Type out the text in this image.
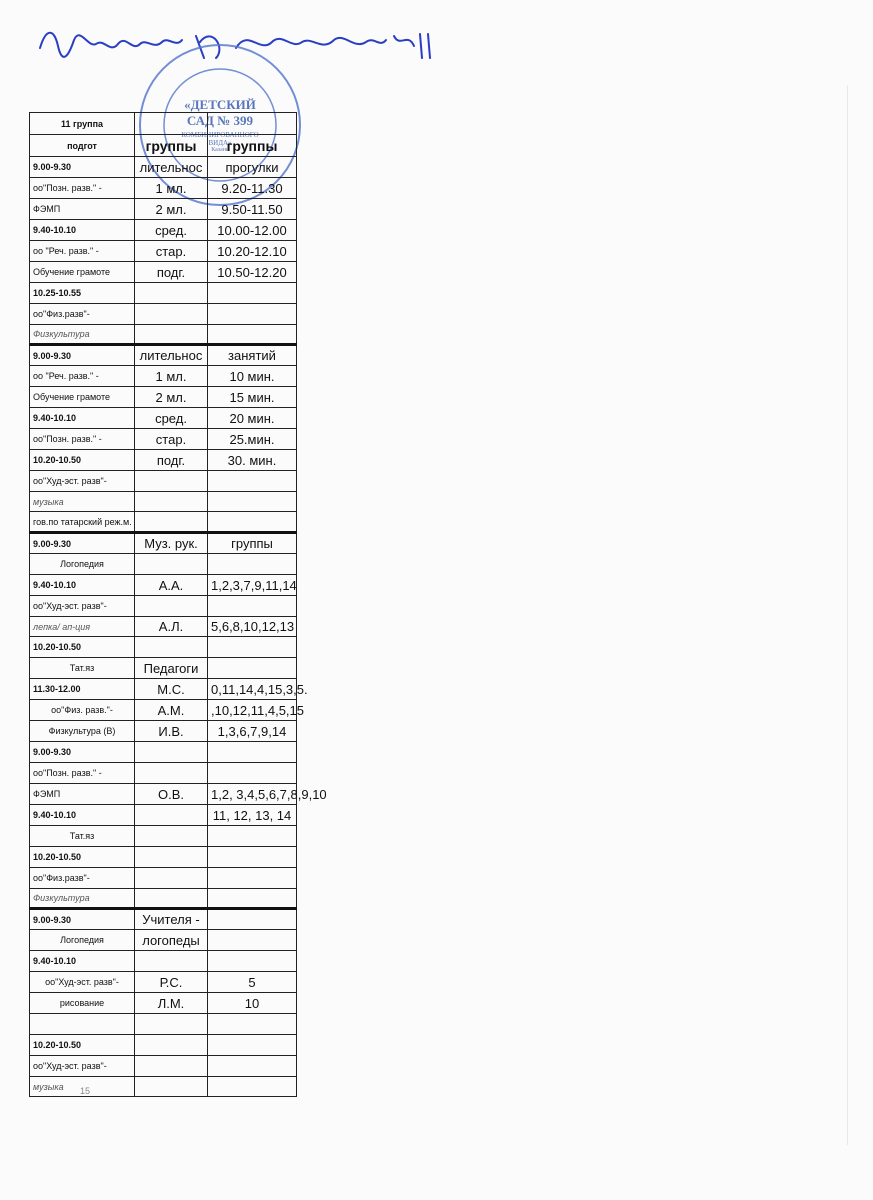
«ДЕТСКИЙ
САД № 399
КОМБИНИРОВАННОГО
ВИДА»
Казань
11 группа		
подгот	группы	группы
9.00-9.30	лительнос	прогулки
оо"Позн. разв." -	1 мл.	9.20-11.30
ФЭМП	2 мл.	9.50-11.50
9.40-10.10	сред.	10.00-12.00
оо "Реч. разв." -	стар.	10.20-12.10
Обучение грамоте	подг.	10.50-12.20
10.25-10.55		
оо"Физ.разв"-		
Физкультура		
9.00-9.30	лительнос	занятий
оо "Реч. разв." -	1 мл.	10 мин.
Обучение грамоте	2 мл.	15 мин.
9.40-10.10	сред.	20 мин.
оо"Позн. разв." -	стар.	25.мин.
10.20-10.50	подг.	30. мин.
оо"Худ-эст. разв"-		
музыка		
гов.по татарский реж.м.		
9.00-9.30	Муз. рук.	группы
Логопедия		
9.40-10.10	А.А.	1,2,3,7,9,11,14
оо"Худ-эст. разв"-		
лепка/ ап-ция	А.Л.	5,6,8,10,12,13
10.20-10.50		
Тат.яз	Педагоги	
11.30-12.00	М.С.	0,11,14,4,15,3,5.
оо"Физ. разв."-	А.М.	,10,12,11,4,5,15
Физкультура (В)	И.В.	1,3,6,7,9,14
9.00-9.30		
оо"Позн. разв." -		
ФЭМП	О.В.	1,2, 3,4,5,6,7,8,9,10
9.40-10.10		11, 12, 13, 14
Тат.яз		
10.20-10.50		
оо"Физ.разв"-		
Физкультура		
9.00-9.30	Учителя -	
Логопедия	логопеды	
9.40-10.10		
оо"Худ-эст. разв"-	Р.С.	5
рисование	Л.М.	10

10.20-10.50		
оо"Худ-эст. разв"-		
музыка		15
